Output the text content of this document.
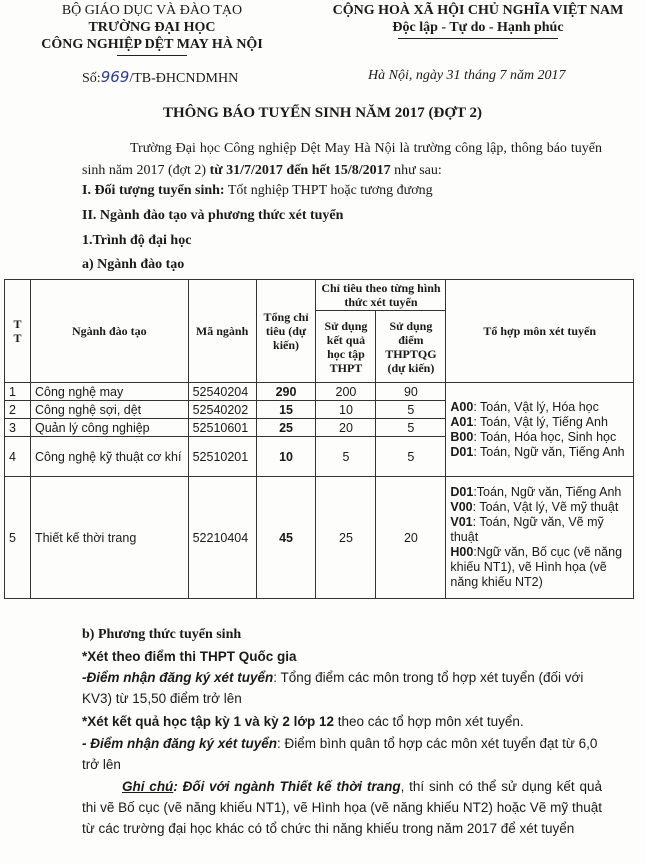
BỘ GIÁO DỤC VÀ ĐÀO TẠO
TRƯỜNG ĐẠI HỌC
CÔNG NGHIỆP DỆT MAY HÀ NỘI
CỘNG HOÀ XÃ HỘI CHỦ NGHĨA VIỆT NAM
Độc lập - Tự do - Hạnh phúc
Số:969/TB-ĐHCNDMHN	Hà Nội, ngày 31 tháng 7 năm 2017
THÔNG BÁO TUYỂN SINH NĂM 2017 (ĐỢT 2)
Trường Đại học Công nghiệp Dệt May Hà Nội là trường công lập, thông báo tuyển sinh năm 2017 (đợt 2) từ 31/7/2017 đến hết 15/8/2017 như sau:
I. Đối tượng tuyển sinh: Tốt nghiệp THPT hoặc tương đương
II. Ngành đào tạo và phương thức xét tuyển
1.Trình độ đại học
a) Ngành đào tạo
T T	Ngành đào tạo	Mã ngành	Tổng chỉ tiêu (dự kiến)	Chỉ tiêu theo từng hình thức xét tuyển		Tổ hợp môn xét tuyển
				Sử dụng kết quả học tập THPT	Sử dụng điểm THPTQG (dự kiến)	
1	Công nghệ may	52540204	290	200	90	A00: Toán, Vật lý, Hóa học
A01: Toán, Vật lý, Tiếng Anh
B00: Toán, Hóa học, Sinh học
D01: Toán, Ngữ văn, Tiếng Anh

2	Công nghệ sợi, dệt	52540202	15	10	5	
3	Quản lý công nghiệp	52510601	25	20	5	
4	Công nghệ kỹ thuật cơ khí	52510201	10	5	5	
5	Thiết kế thời trang	52210404	45	25	20	D01:Toán, Ngữ văn, Tiếng Anh
V00: Toán, Vật lý, Vẽ mỹ thuật
V01: Toán, Ngữ văn, Vẽ mỹ thuật
H00:Ngữ văn, Bố cục (vẽ năng khiếu NT1), vẽ Hình họa (vẽ năng khiếu NT2)
b) Phương thức tuyển sinh
*Xét theo điểm thi THPT Quốc gia
-Điểm nhận đăng ký xét tuyển: Tổng điểm các môn trong tổ hợp xét tuyển (đối với KV3) từ 15,50 điểm trở lên
*Xét kết quả học tập kỳ 1 và kỳ 2 lớp 12 theo các tổ hợp môn xét tuyển.
- Điểm nhận đăng ký xét tuyển: Điểm bình quân tổ hợp các môn xét tuyển đạt từ 6,0 trở lên
Ghi chú: Đối với ngành Thiết kế thời trang, thí sinh có thể sử dụng kết quả thi vẽ Bố cục (vẽ năng khiếu NT1), vẽ Hình họa (vẽ năng khiếu NT2) hoặc Vẽ mỹ thuật từ các trường đại học khác có tổ chức thi năng khiếu trong năm 2017 để xét tuyển
